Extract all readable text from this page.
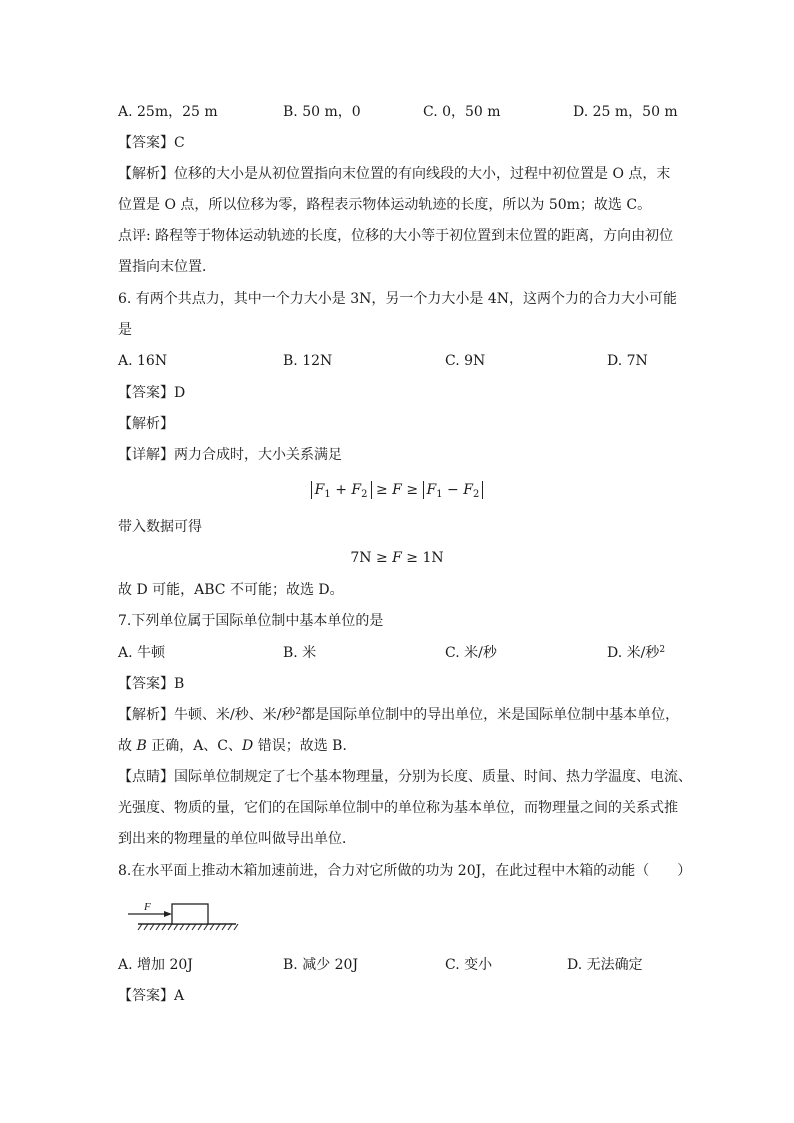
A. 25m，25 m	B. 50 m，0	C. 0，50 m	D. 25 m，50 m
【答案】C
【解析】位移的大小是从初位置指向末位置的有向线段的大小，过程中初位置是 O 点，末
位置是 O 点，所以位移为零，路程表示物体运动轨迹的长度，所以为 50m；故选 C。
点评: 路程等于物体运动轨迹的长度，位移的大小等于初位置到末位置的距离，方向由初位
置指向末位置．
6. 有两个共点力，其中一个力大小是 3N，另一个力大小是 4N，这两个力的合力大小可能
是
A. 16N	B. 12N	C. 9N	D. 7N
【答案】D
【解析】
【详解】两力合成时，大小关系满足
$F_1 + F_2 \ge F \ge F_1 - F_2$
带入数据可得
7N ≥ F ≥ 1N
故 D 可能，ABC 不可能；故选 D。
7.下列单位属于国际单位制中基本单位的是
A. 牛顿	B. 米	C. 米/秒	D. 米/秒$^2$
【答案】B
【解析】牛顿、米/秒、米/秒$^2$都是国际单位制中的导出单位，米是国际单位制中基本单位，
故 B 正确，A、C、D 错误；故选 B．
【点睛】国际单位制规定了七个基本物理量，分别为长度、质量、时间、热力学温度、电流、
光强度、物质的量，它们的在国际单位制中的单位称为基本单位，而物理量之间的关系式推
到出来的物理量的单位叫做导出单位．
8.在水平面上推动木箱加速前进，合力对它所做的功为 20J，在此过程中木箱的动能（　　）
F
A. 增加 20J	B. 减少 20J	C. 变小	D. 无法确定
【答案】A
